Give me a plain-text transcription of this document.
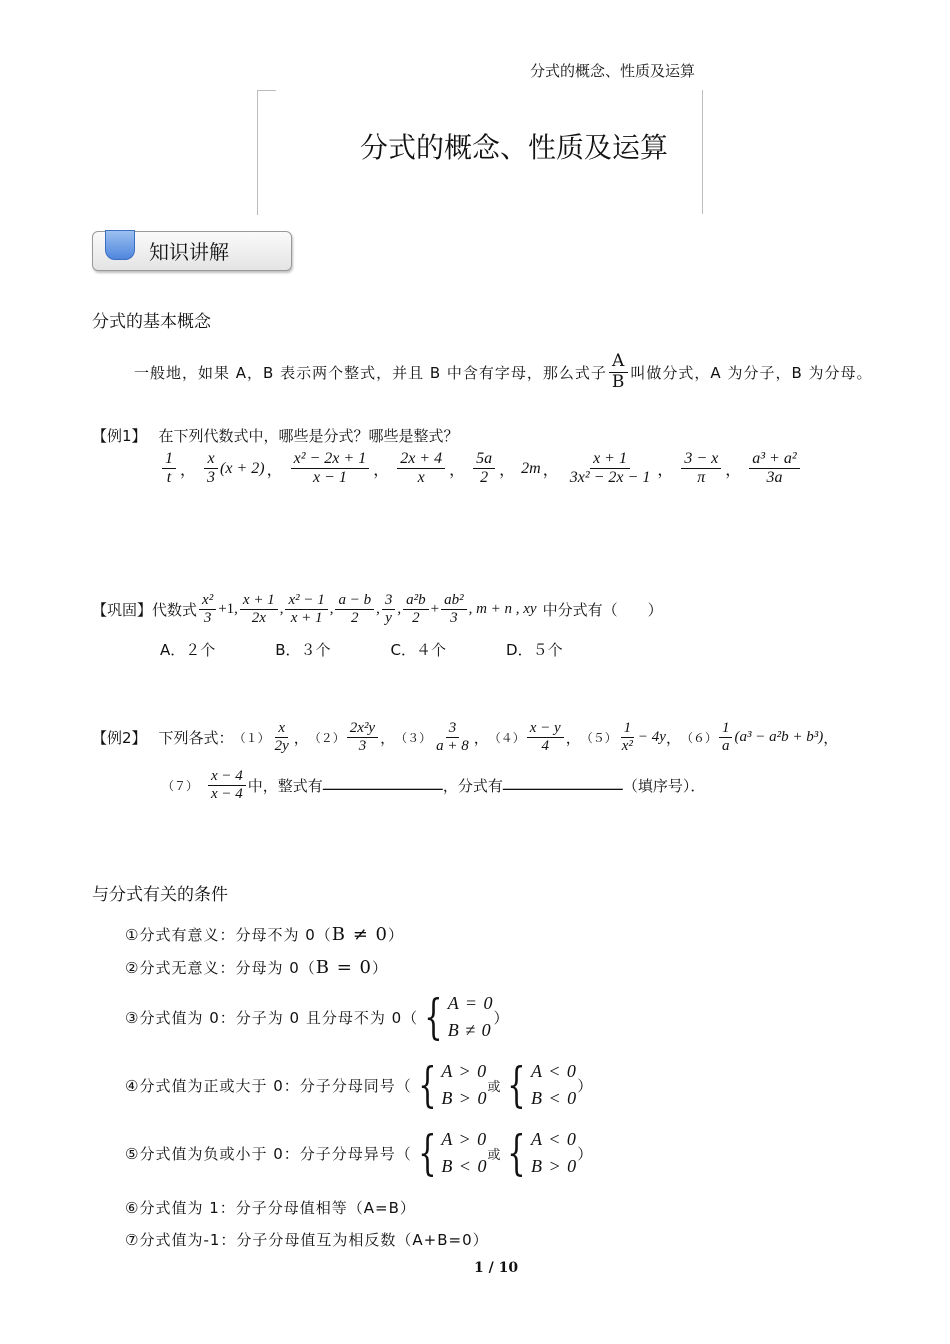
分式的概念、性质及运算
分式的概念、性质及运算
知识讲解
分式的基本概念
一般地，如果 A，B 表示两个整式，并且 B 中含有字母，那么式子 $\frac{A}{B}$ 叫做分式，A 为分子，B 为分母。
【例1】 在下列代数式中，哪些是分式？哪些是整式？
$\frac{1}{t}$ ， $\frac{x}{3} (x + 2)$ ， $\frac{\text{x² − 2x + 1}}{x - 1}$ ， $\frac{2x + 4}{x}$ ， $\frac{5a}{2}$ ， 2m ， $\frac{x + 1}{\text{3x² − 2x − 1}}$ ， $\frac{3 - x}{\pi}$ ， $\frac{\text{a³ + a²}}{3a}$
【巩固】 代数式 $\frac{\text{x²}}{3} +1$ , $\frac{x + 1}{2x}$ , $\frac{\text{x² − 1}}{x + 1}$ , $\frac{a - b}{2}$ , $\frac{3}{y}$ , $\frac{\text{a²b}}{2} + \frac{\text{ab²}}{3}$ , m + n , xy 中分式有（　　）
A．２个　　　　B．３个　　　　C．４个　　　　D．５个
【例2】 下列各式： $(1) \frac{x}{2y}$ ， $(2) \frac{\text{2x²y}}{3}$ ， $(3) \frac{3}{a + 8}$ ， $(4) \frac{x - y}{4}$ ， $(5) \frac{1}{\text{x²}} - 4y$ ， $(6) \frac{1}{a} (a^3 - a^2b + b^3)$ ，
$(7) \frac{x - 4}{x - 4}$ 中，整式有 ＿＿＿＿＿＿＿＿＿＿＿＿＿＿＿ ，分式有 ＿＿＿＿＿＿＿＿＿＿＿＿＿＿＿ （填序号）．
与分式有关的条件
①分式有意义：分母不为 0（ B ≠ 0 ）
②分式无意义：分母为 0（ B = 0 ）
③分式值为 0：分子为 0 且分母不为 0（ { A = 0
B ≠ 0
）
④分式值为正或大于 0：分子分母同号（ { A > 0
B > 0
或 { A < 0
B < 0
）
⑤分式值为负或小于 0：分子分母异号（ { A > 0
B < 0
或 { A < 0
B > 0
）
⑥分式值为 1：分子分母值相等（A=B）
⑦分式值为-1：分子分母值互为相反数（A+B=0）
1 / 10
